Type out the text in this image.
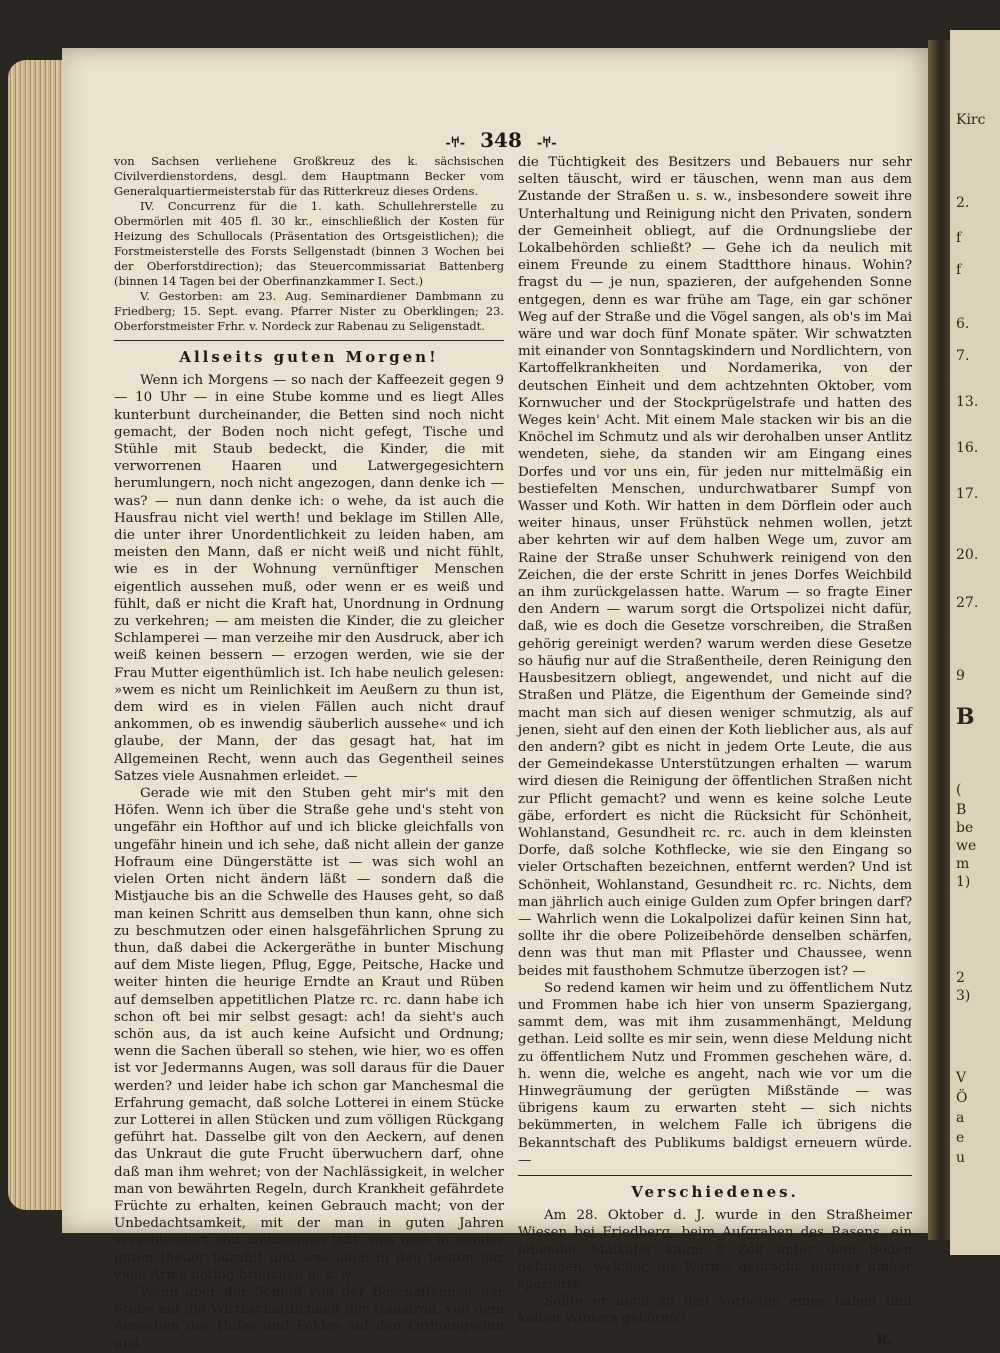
-𐀀- 348 -𐀀-

von Sachsen verliehene Großkreuz des k. sächsischen Civilverdienstordens, desgl. dem Hauptmann Becker vom Generalquartiermeisterstab für das Ritterkreuz dieses Ordens.

IV. Concurrenz für die 1. kath. Schullehrerstelle zu Obermörlen mit 405 fl. 30 kr., einschließlich der Kosten für Heizung des Schullocals (Präsentation des Ortsgeistlichen); die Forstmeisterstelle des Forsts Sellgenstadt (binnen 3 Wochen bei der Oberforstdirection); das Steuercommissariat Battenberg (binnen 14 Tagen bei der Oberfinanzkammer I. Sect.)

V. Gestorben: am 23. Aug. Seminardiener Dambmann zu Friedberg; 15. Sept. evang. Pfarrer Nister zu Oberklingen; 23. Oberforstmeister Frhr. v. Nordeck zur Rabenau zu Seligenstadt.

Allseits guten Morgen!

Wenn ich Morgens — so nach der Kaffeezeit gegen 9 — 10 Uhr — in eine Stube komme und es liegt Alles kunterbunt durcheinander, die Betten sind noch nicht gemacht, der Boden noch nicht gefegt, Tische und Stühle mit Staub bedeckt, die Kinder, die mit verworrenen Haaren und Latwergegesichtern herumlungern, noch nicht angezogen, dann denke ich — was? — nun dann denke ich: o wehe, da ist auch die Hausfrau nicht viel werth! und beklage im Stillen Alle, die unter ihrer Unordentlichkeit zu leiden haben, am meisten den Mann, daß er nicht weiß und nicht fühlt, wie es in der Wohnung vernünftiger Menschen eigentlich aussehen muß, oder wenn er es weiß und fühlt, daß er nicht die Kraft hat, Unordnung in Ordnung zu verkehren; — am meisten die Kinder, die zu gleicher Schlamperei — man verzeihe mir den Ausdruck, aber ich weiß keinen bessern — erzogen werden, wie sie der Frau Mutter eigenthümlich ist. Ich habe neulich gelesen: »wem es nicht um Reinlichkeit im Aeußern zu thun ist, dem wird es in vielen Fällen auch nicht drauf ankommen, ob es inwendig säuberlich aussehe« und ich glaube, der Mann, der das gesagt hat, hat im Allgemeinen Recht, wenn auch das Gegentheil seines Satzes viele Ausnahmen erleidet. —

Gerade wie mit den Stuben geht mir's mit den Höfen. Wenn ich über die Straße gehe und's steht von ungefähr ein Hofthor auf und ich blicke gleichfalls von ungefähr hinein und ich sehe, daß nicht allein der ganze Hofraum eine Düngerstätte ist — was sich wohl an vielen Orten nicht ändern läßt — sondern daß die Mistjauche bis an die Schwelle des Hauses geht, so daß man keinen Schritt aus demselben thun kann, ohne sich zu beschmutzen oder einen halsgefährlichen Sprung zu thun, daß dabei die Ackergeräthe in bunter Mischung auf dem Miste liegen, Pflug, Egge, Peitsche, Hacke und weiter hinten die heurige Erndte an Kraut und Rüben auf demselben appetitlichen Platze rc. rc. dann habe ich schon oft bei mir selbst gesagt: ach! da sieht's auch schön aus, da ist auch keine Aufsicht und Ordnung; wenn die Sachen überall so stehen, wie hier, wo es offen ist vor Jedermanns Augen, was soll daraus für die Dauer werden? und leider habe ich schon gar Manchesmal die Erfahrung gemacht, daß solche Lotterei in einem Stücke zur Lotterei in allen Stücken und zum völligen Rückgang geführt hat. Dasselbe gilt von den Aeckern, auf denen das Unkraut die gute Frucht überwuchern darf, ohne daß man ihm wehret; von der Nachlässigkeit, in welcher man von bewährten Regeln, durch Krankheit gefährdete Früchte zu erhalten, keinen Gebrauch macht; von der Unbedachtsamkeit, mit der man in guten Jahren verschleudert und umkommen läßt, was man in minder guten theuer bezahlt und was auch in den besten gar viele Arme nöthig brauchen u. s. w.

Wenn aber der Schluß von der Beschaffenheit der Stube auf die Wirthschaftlichkeit der Hausfrau, von dem Aussehen des Hofes und Feldes auf den Ordnungssinn und

die Tüchtigkeit des Besitzers und Bebauers nur sehr selten täuscht, wird er täuschen, wenn man aus dem Zustande der Straßen u. s. w., insbesondere soweit ihre Unterhaltung und Reinigung nicht den Privaten, sondern der Gemeinheit obliegt, auf die Ordnungsliebe der Lokalbehörden schließt? — Gehe ich da neulich mit einem Freunde zu einem Stadtthore hinaus. Wohin? fragst du — je nun, spazieren, der aufgehenden Sonne entgegen, denn es war frühe am Tage, ein gar schöner Weg auf der Straße und die Vögel sangen, als ob's im Mai wäre und war doch fünf Monate später. Wir schwatzten mit einander von Sonntagskindern und Nordlichtern, von Kartoffelkrankheiten und Nordamerika, von der deutschen Einheit und dem achtzehnten Oktober, vom Kornwucher und der Stockprügelstrafe und hatten des Weges kein' Acht. Mit einem Male stacken wir bis an die Knöchel im Schmutz und als wir derohalben unser Antlitz wendeten, siehe, da standen wir am Eingang eines Dorfes und vor uns ein, für jeden nur mittelmäßig ein bestiefelten Menschen, undurchwatbarer Sumpf von Wasser und Koth. Wir hatten in dem Dörflein oder auch weiter hinaus, unser Frühstück nehmen wollen, jetzt aber kehrten wir auf dem halben Wege um, zuvor am Raine der Straße unser Schuhwerk reinigend von den Zeichen, die der erste Schritt in jenes Dorfes Weichbild an ihm zurückgelassen hatte. Warum — so fragte Einer den Andern — warum sorgt die Ortspolizei nicht dafür, daß, wie es doch die Gesetze vorschreiben, die Straßen gehörig gereinigt werden? warum werden diese Gesetze so häufig nur auf die Straßentheile, deren Reinigung den Hausbesitzern obliegt, angewendet, und nicht auf die Straßen und Plätze, die Eigenthum der Gemeinde sind? macht man sich auf diesen weniger schmutzig, als auf jenen, sieht auf den einen der Koth lieblicher aus, als auf den andern? gibt es nicht in jedem Orte Leute, die aus der Gemeindekasse Unterstützungen erhalten — warum wird diesen die Reinigung der öffentlichen Straßen nicht zur Pflicht gemacht? und wenn es keine solche Leute gäbe, erfordert es nicht die Rücksicht für Schönheit, Wohlanstand, Gesundheit rc. rc. auch in dem kleinsten Dorfe, daß solche Kothflecke, wie sie den Eingang so vieler Ortschaften bezeichnen, entfernt werden? Und ist Schönheit, Wohlanstand, Gesundheit rc. rc. Nichts, dem man jährlich auch einige Gulden zum Opfer bringen darf? — Wahrlich wenn die Lokalpolizei dafür keinen Sinn hat, sollte ihr die obere Polizeibehörde denselben schärfen, denn was thut man mit Pflaster und Chaussee, wenn beides mit fausthohem Schmutze überzogen ist? —

So redend kamen wir heim und zu öffentlichem Nutz und Frommen habe ich hier von unserm Spaziergang, sammt dem, was mit ihm zusammenhängt, Meldung gethan. Leid sollte es mir sein, wenn diese Meldung nicht zu öffentlichem Nutz und Frommen geschehen wäre, d. h. wenn die, welche es angeht, nach wie vor um die Hinwegräumung der gerügten Mißstände — was übrigens kaum zu erwarten steht — sich nichts bekümmerten, in welchem Falle ich übrigens die Bekanntschaft des Publikums baldigst erneuern würde. —

Verschiedenes.

Am 28. Oktober d. J. wurde in den Straßheimer Wiesen bei Friedberg, beim Aufgraben des Rasens, ein lebender Maikäfer kaum 8 Zoll unter dem Boden gefunden, welcher, ins Warme gebracht, munter umher spazierte.

Sollte er auch zu den Vorboten eines nahen und kalten Winters gehören?

R.
Kirc
2.
f
f
6.
7.
13.
16.
17.
20.
27.
9
B
(
B
be
we
m
1)
2
3)
V
Ö
a
e
u
